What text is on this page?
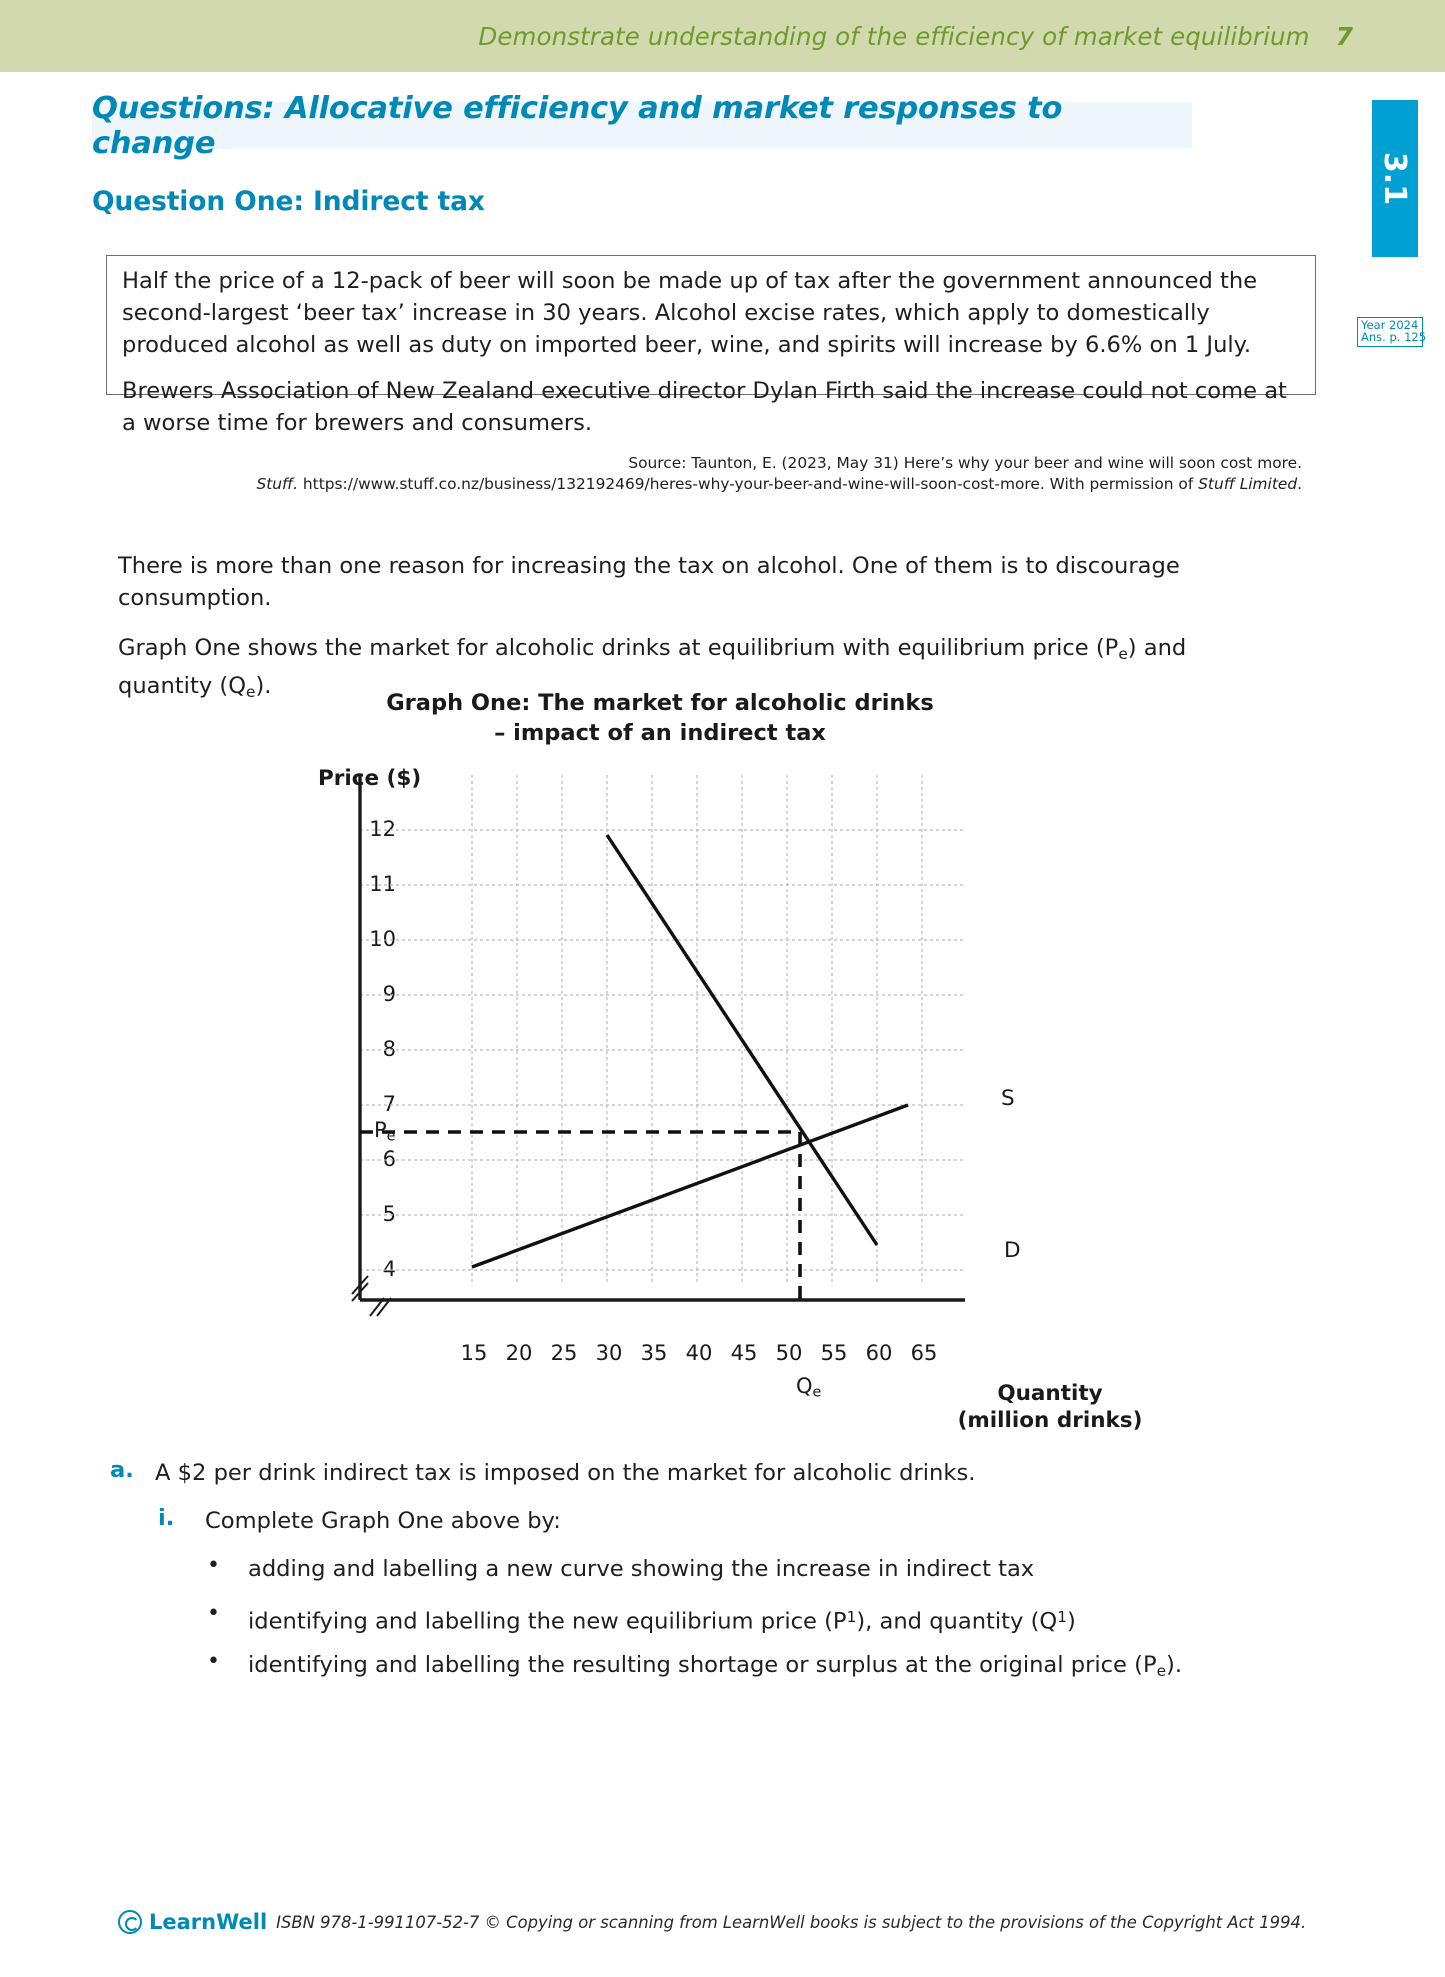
Demonstrate understanding of the efficiency of market equilibrium 7
Questions: Allocative efficiency and market responses to change
Question One: Indirect tax	3.1
Year 2024
Ans. p. 125
Half the price of a 12-pack of beer will soon be made up of tax after the government announced the second-largest ‘beer tax’ increase in 30 years. Alcohol excise rates, which apply to domestically produced alcohol as well as duty on imported beer, wine, and spirits will increase by 6.6% on 1 July.
Brewers Association of New Zealand executive director Dylan Firth said the increase could not come at a worse time for brewers and consumers.
Source: Taunton, E. (2023, May 31) Here’s why your beer and wine will soon cost more.
Stuff. https://www.stuff.co.nz/business/132192469/heres-why-your-beer-and-wine-will-soon-cost-more. With permission of Stuff Limited.
There is more than one reason for increasing the tax on alcohol. One of them is to discourage consumption.
Graph One shows the market for alcoholic drinks at equilibrium with equilibrium price $(P_e)$ and quantity $(Q_e)$.
Graph One: The market for alcoholic drinks
– impact of an indirect tax
Price ($)
Quantity
(million drinks)
12
11
10
9
8
7
6
5
4
$P_e$
15 20 25 30 35 40 45 50 55 60 65
$Q_e$
S
D
a. A $2 per drink indirect tax is imposed on the market for alcoholic drinks.
i. Complete Graph One above by:
• adding and labelling a new curve showing the increase in indirect tax
• identifying and labelling the new equilibrium price $(P^1)$, and quantity $(Q^1)$
• identifying and labelling the resulting shortage or surplus at the original price $(P_e)$.
LearnWell ISBN 978-1-991107-52-7 © Copying or scanning from LearnWell books is subject to the provisions of the Copyright Act 1994.
